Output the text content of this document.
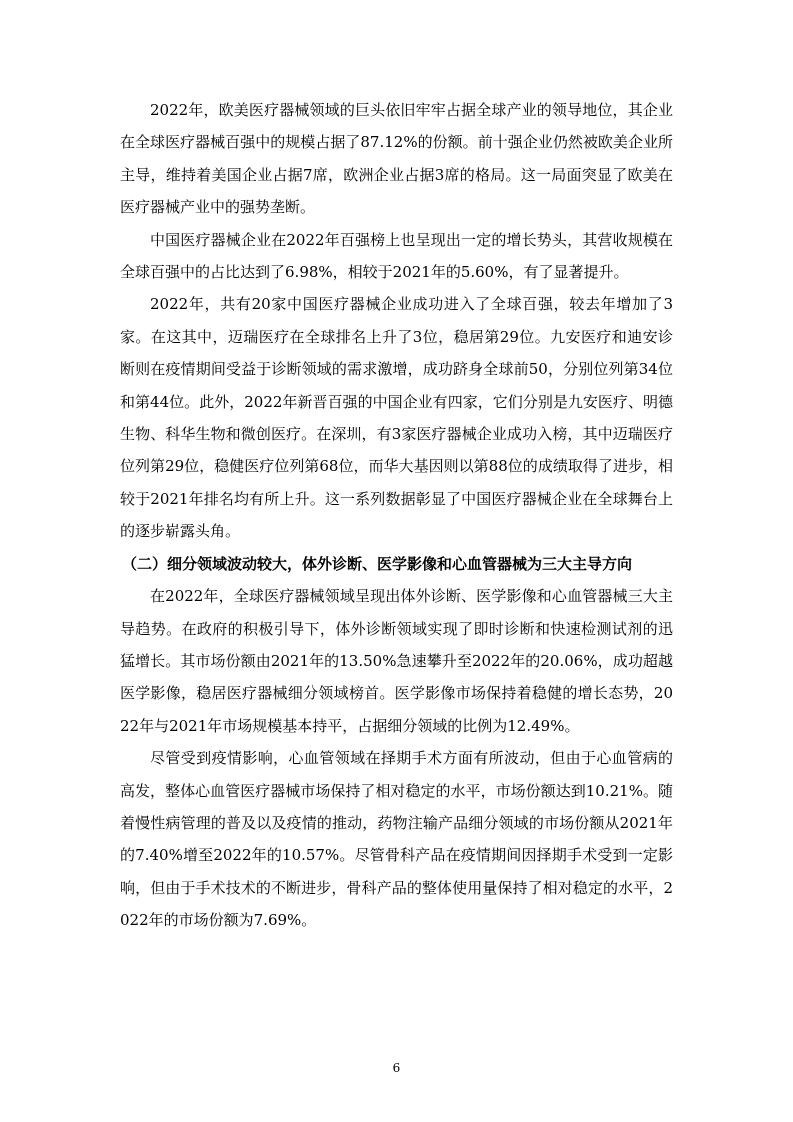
2022年，欧美医疗器械领域的巨头依旧牢牢占据全球产业的领导地位，其企业在全球医疗器械百强中的规模占据了87.12%的份额。前十强企业仍然被欧美企业所主导，维持着美国企业占据7席，欧洲企业占据3席的格局。这一局面突显了欧美在医疗器械产业中的强势垄断。

中国医疗器械企业在2022年百强榜上也呈现出一定的增长势头，其营收规模在全球百强中的占比达到了6.98%，相较于2021年的5.60%，有了显著提升。

2022年，共有20家中国医疗器械企业成功进入了全球百强，较去年增加了3家。在这其中，迈瑞医疗在全球排名上升了3位，稳居第29位。九安医疗和迪安诊断则在疫情期间受益于诊断领域的需求激增，成功跻身全球前50，分别位列第34位和第44位。此外，2022年新晋百强的中国企业有四家，它们分别是九安医疗、明德生物、科华生物和微创医疗。在深圳，有3家医疗器械企业成功入榜，其中迈瑞医疗位列第29位，稳健医疗位列第68位，而华大基因则以第88位的成绩取得了进步，相较于2021年排名均有所上升。这一系列数据彰显了中国医疗器械企业在全球舞台上的逐步崭露头角。

（二）细分领域波动较大，体外诊断、医学影像和心血管器械为三大主导方向

在2022年，全球医疗器械领域呈现出体外诊断、医学影像和心血管器械三大主导趋势。在政府的积极引导下，体外诊断领域实现了即时诊断和快速检测试剂的迅猛增长。其市场份额由2021年的13.50%急速攀升至2022年的20.06%，成功超越医学影像，稳居医疗器械细分领域榜首。医学影像市场保持着稳健的增长态势，2022年与2021年市场规模基本持平，占据细分领域的比例为12.49%。

尽管受到疫情影响，心血管领域在择期手术方面有所波动，但由于心血管病的高发，整体心血管医疗器械市场保持了相对稳定的水平，市场份额达到10.21%。随着慢性病管理的普及以及疫情的推动，药物注输产品细分领域的市场份额从2021年的7.40%增至2022年的10.57%。尽管骨科产品在疫情期间因择期手术受到一定影响，但由于手术技术的不断进步，骨科产品的整体使用量保持了相对稳定的水平，2022年的市场份额为7.69%。

6
